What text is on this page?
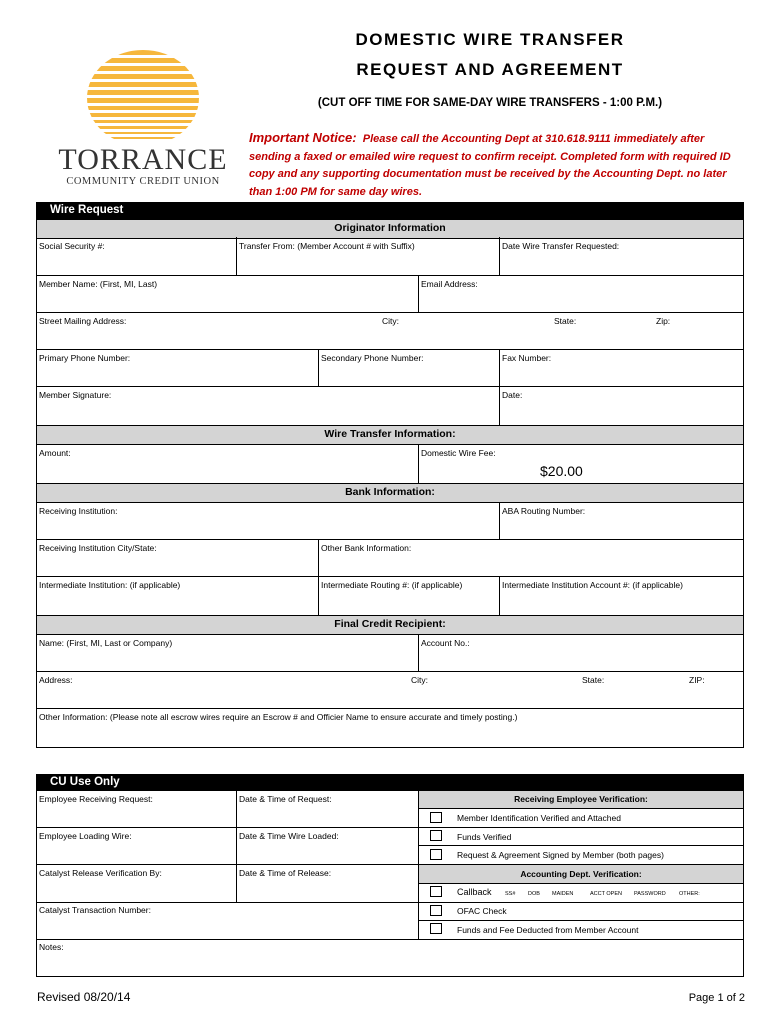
TORRANCE
COMMUNITY CREDIT UNION
DOMESTIC WIRE TRANSFER
REQUEST AND AGREEMENT
(CUT OFF TIME FOR SAME-DAY WIRE TRANSFERS - 1:00 P.M.)
Important Notice: Please call the Accounting Dept at 310.618.9111 immediately after
sending a faxed or emailed wire request to confirm receipt. Completed form with required ID
copy and any supporting documentation must be received by the Accounting Dept. no later
than 1:00 PM for same day wires.
Wire Request
Originator Information
Social Security #:	Transfer From: (Member Account # with Suffix)	Date Wire Transfer Requested:
Member Name: (First, MI, Last)	Email Address:
Street Mailing Address:	City:	State:	Zip:
Primary Phone Number:	Secondary Phone Number:	Fax Number:
Member Signature:	Date:
Wire Transfer Information:
Amount:	Domestic Wire Fee:
$20.00
Bank Information:
Receiving Institution:	ABA Routing Number:
Receiving Institution City/State:	Other Bank Information:
Intermediate Institution: (if applicable)	Intermediate Routing #: (if applicable)	Intermediate Institution Account #: (if applicable)
Final Credit Recipient:
Name: (First, MI, Last or Company)	Account No.:
Address:	City:	State:	ZIP:
Other Information: (Please note all escrow wires require an Escrow # and Officier Name to ensure accurate and timely posting.)
CU Use Only
Employee Receiving Request:	Date & Time of Request:
Employee Loading Wire:	Date & Time Wire Loaded:
Catalyst Release Verification By:	Date & Time of Release:
Catalyst Transaction Number:
Notes:
Receiving Employee Verification:
Member Identification Verified and Attached
Funds Verified
Request & Agreement Signed by Member (both pages)
Accounting Dept. Verification:
Callback SS# DOB MAIDEN	ACCT OPEN PASSWORD OTHER:
OFAC Check
Funds and Fee Deducted from Member Account
Revised 08/20/14	Page 1 of 2
